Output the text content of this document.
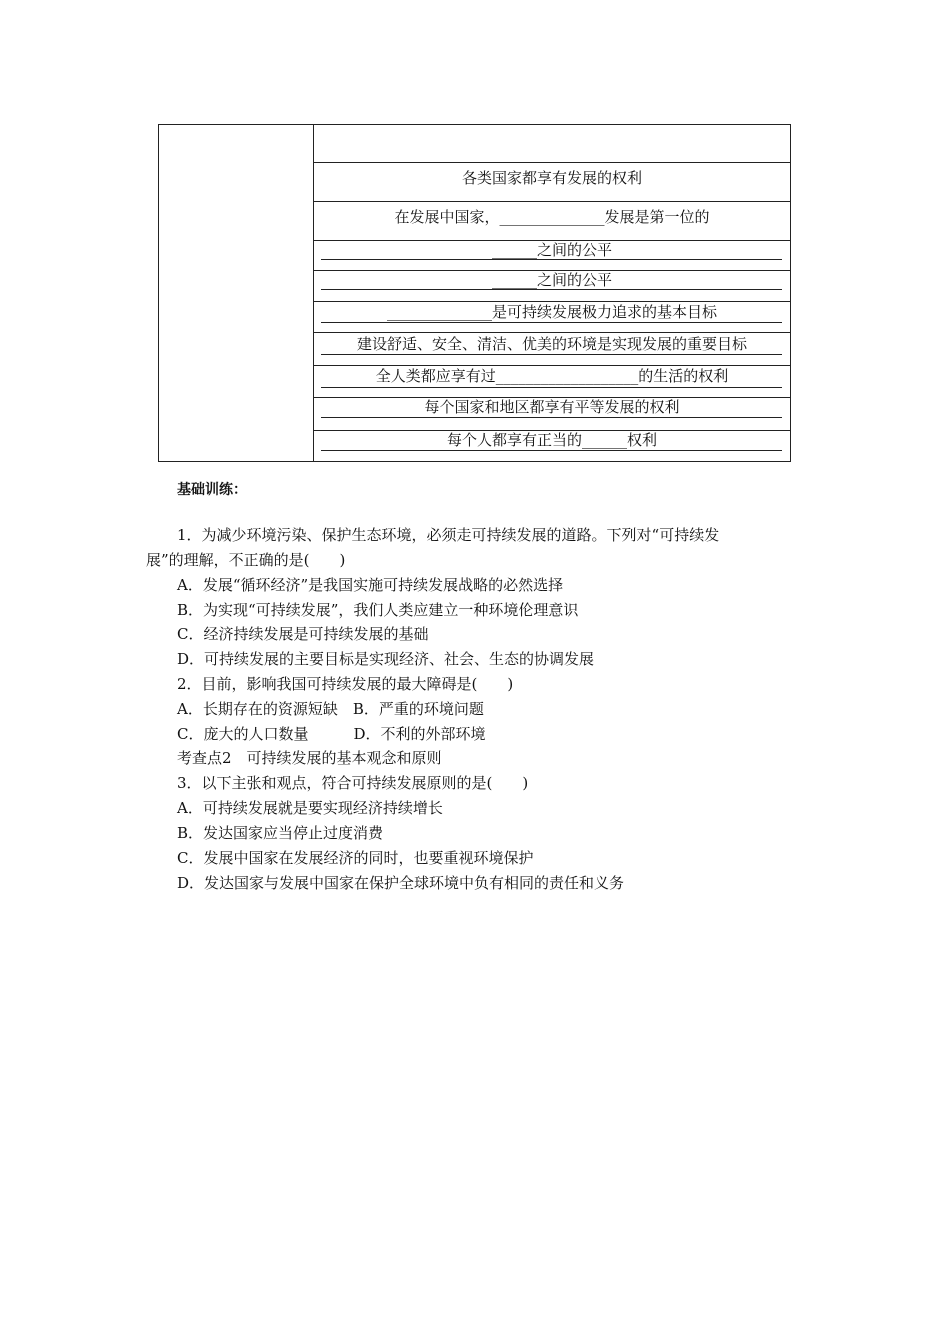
各类国家都享有发展的权利
在发展中国家，______________发展是第一位的
______之间的公平
______之间的公平
______________是可持续发展极力追求的基本目标
建设舒适、安全、清洁、优美的环境是实现发展的重要目标
全人类都应享有过___________________的生活的权利
每个国家和地区都享有平等发展的权利
每个人都享有正当的______权利
基础训练：
1．为减少环境污染、保护生态环境，必须走可持续发展的道路。下列对“可持续发
展”的理解，不正确的是(　　)
A．发展“循环经济”是我国实施可持续发展战略的必然选择
B．为实现“可持续发展”，我们人类应建立一种环境伦理意识
C．经济持续发展是可持续发展的基础
D．可持续发展的主要目标是实现经济、社会、生态的协调发展
2．目前，影响我国可持续发展的最大障碍是(　　)
A．长期存在的资源短缺　B．严重的环境问题
C．庞大的人口数量　　　D．不利的外部环境
考查点2　可持续发展的基本观念和原则
3．以下主张和观点，符合可持续发展原则的是(　　)
A．可持续发展就是要实现经济持续增长
B．发达国家应当停止过度消费
C．发展中国家在发展经济的同时，也要重视环境保护
D．发达国家与发展中国家在保护全球环境中负有相同的责任和义务
